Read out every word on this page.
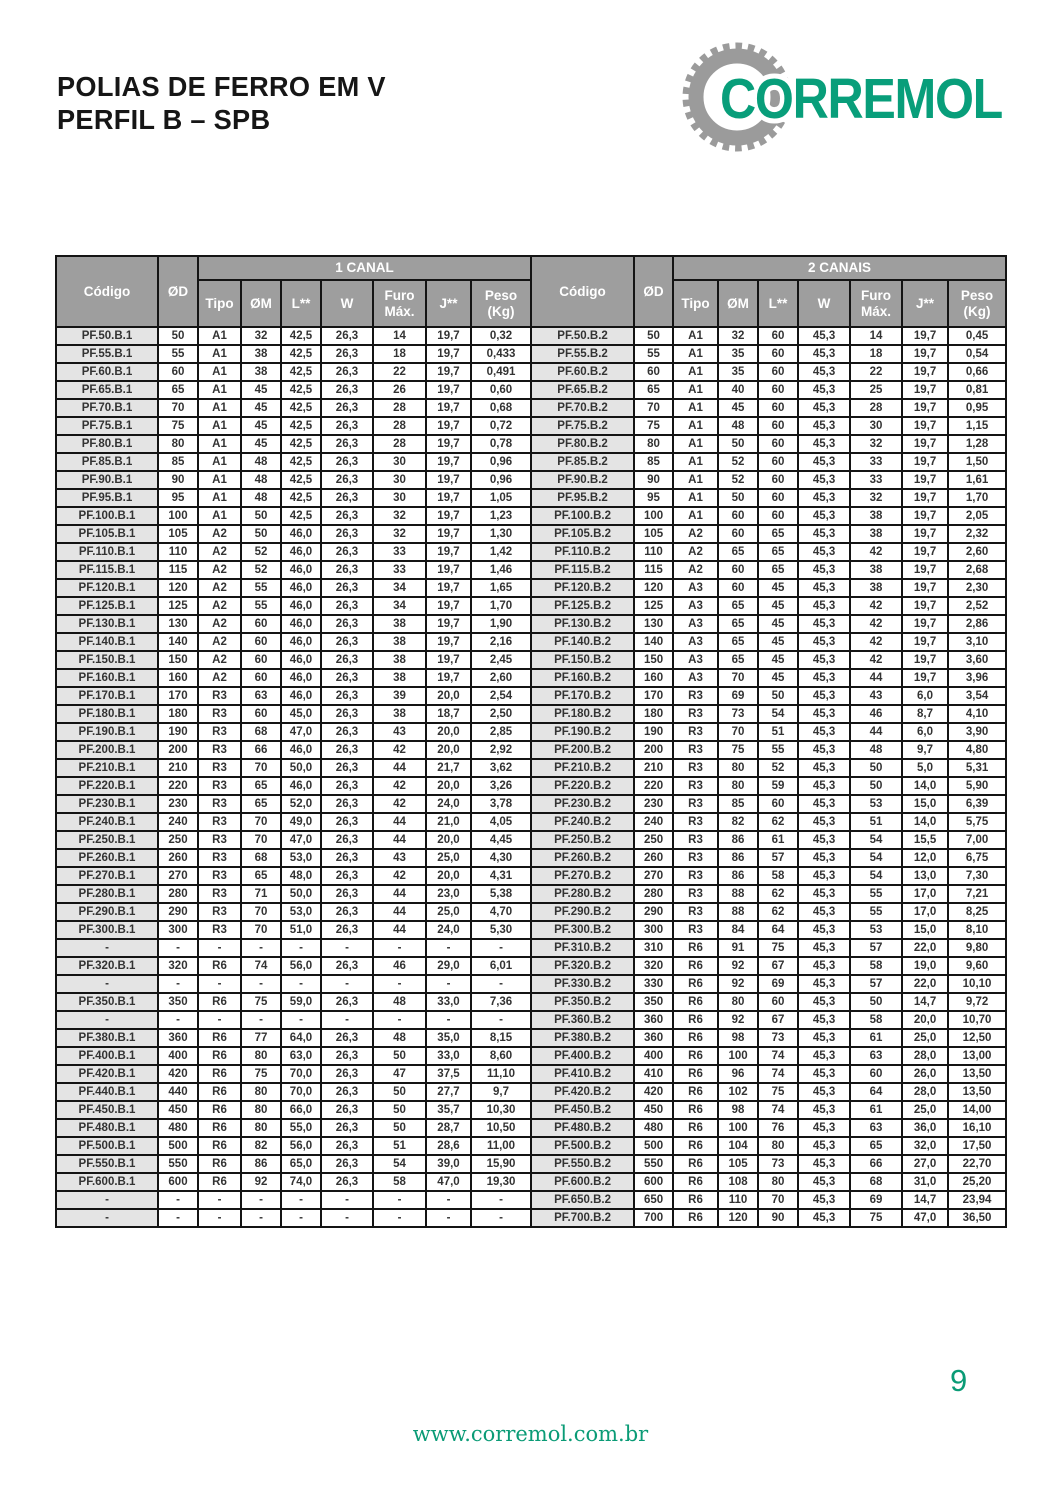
POLIAS DE FERRO EM V
PERFIL B – SPB	CORREMOL
Código	ØD	1 CANAL							Código	ØD	2 CANAIS						
		Tipo	ØM	L**	W	Furo Máx.	J**	Peso (Kg)			Tipo	ØM	L**	W	Furo Máx.	J**	Peso (Kg)
PF.50.B.1	50	A1	32	42,5	26,3	14	19,7	0,32	PF.50.B.2	50	A1	32	60	45,3	14	19,7	0,45
PF.55.B.1	55	A1	38	42,5	26,3	18	19,7	0,433	PF.55.B.2	55	A1	35	60	45,3	18	19,7	0,54
PF.60.B.1	60	A1	38	42,5	26,3	22	19,7	0,491	PF.60.B.2	60	A1	35	60	45,3	22	19,7	0,66
PF.65.B.1	65	A1	45	42,5	26,3	26	19,7	0,60	PF.65.B.2	65	A1	40	60	45,3	25	19,7	0,81
PF.70.B.1	70	A1	45	42,5	26,3	28	19,7	0,68	PF.70.B.2	70	A1	45	60	45,3	28	19,7	0,95
PF.75.B.1	75	A1	45	42,5	26,3	28	19,7	0,72	PF.75.B.2	75	A1	48	60	45,3	30	19,7	1,15
PF.80.B.1	80	A1	45	42,5	26,3	28	19,7	0,78	PF.80.B.2	80	A1	50	60	45,3	32	19,7	1,28
PF.85.B.1	85	A1	48	42,5	26,3	30	19,7	0,96	PF.85.B.2	85	A1	52	60	45,3	33	19,7	1,50
PF.90.B.1	90	A1	48	42,5	26,3	30	19,7	0,96	PF.90.B.2	90	A1	52	60	45,3	33	19,7	1,61
PF.95.B.1	95	A1	48	42,5	26,3	30	19,7	1,05	PF.95.B.2	95	A1	50	60	45,3	32	19,7	1,70
PF.100.B.1	100	A1	50	42,5	26,3	32	19,7	1,23	PF.100.B.2	100	A1	60	60	45,3	38	19,7	2,05
PF.105.B.1	105	A2	50	46,0	26,3	32	19,7	1,30	PF.105.B.2	105	A2	60	65	45,3	38	19,7	2,32
PF.110.B.1	110	A2	52	46,0	26,3	33	19,7	1,42	PF.110.B.2	110	A2	65	65	45,3	42	19,7	2,60
PF.115.B.1	115	A2	52	46,0	26,3	33	19,7	1,46	PF.115.B.2	115	A2	60	65	45,3	38	19,7	2,68
PF.120.B.1	120	A2	55	46,0	26,3	34	19,7	1,65	PF.120.B.2	120	A3	60	45	45,3	38	19,7	2,30
PF.125.B.1	125	A2	55	46,0	26,3	34	19,7	1,70	PF.125.B.2	125	A3	65	45	45,3	42	19,7	2,52
PF.130.B.1	130	A2	60	46,0	26,3	38	19,7	1,90	PF.130.B.2	130	A3	65	45	45,3	42	19,7	2,86
PF.140.B.1	140	A2	60	46,0	26,3	38	19,7	2,16	PF.140.B.2	140	A3	65	45	45,3	42	19,7	3,10
PF.150.B.1	150	A2	60	46,0	26,3	38	19,7	2,45	PF.150.B.2	150	A3	65	45	45,3	42	19,7	3,60
PF.160.B.1	160	A2	60	46,0	26,3	38	19,7	2,60	PF.160.B.2	160	A3	70	45	45,3	44	19,7	3,96
PF.170.B.1	170	R3	63	46,0	26,3	39	20,0	2,54	PF.170.B.2	170	R3	69	50	45,3	43	6,0	3,54
PF.180.B.1	180	R3	60	45,0	26,3	38	18,7	2,50	PF.180.B.2	180	R3	73	54	45,3	46	8,7	4,10
PF.190.B.1	190	R3	68	47,0	26,3	43	20,0	2,85	PF.190.B.2	190	R3	70	51	45,3	44	6,0	3,90
PF.200.B.1	200	R3	66	46,0	26,3	42	20,0	2,92	PF.200.B.2	200	R3	75	55	45,3	48	9,7	4,80
PF.210.B.1	210	R3	70	50,0	26,3	44	21,7	3,62	PF.210.B.2	210	R3	80	52	45,3	50	5,0	5,31
PF.220.B.1	220	R3	65	46,0	26,3	42	20,0	3,26	PF.220.B.2	220	R3	80	59	45,3	50	14,0	5,90
PF.230.B.1	230	R3	65	52,0	26,3	42	24,0	3,78	PF.230.B.2	230	R3	85	60	45,3	53	15,0	6,39
PF.240.B.1	240	R3	70	49,0	26,3	44	21,0	4,05	PF.240.B.2	240	R3	82	62	45,3	51	14,0	5,75
PF.250.B.1	250	R3	70	47,0	26,3	44	20,0	4,45	PF.250.B.2	250	R3	86	61	45,3	54	15,5	7,00
PF.260.B.1	260	R3	68	53,0	26,3	43	25,0	4,30	PF.260.B.2	260	R3	86	57	45,3	54	12,0	6,75
PF.270.B.1	270	R3	65	48,0	26,3	42	20,0	4,31	PF.270.B.2	270	R3	86	58	45,3	54	13,0	7,30
PF.280.B.1	280	R3	71	50,0	26,3	44	23,0	5,38	PF.280.B.2	280	R3	88	62	45,3	55	17,0	7,21
PF.290.B.1	290	R3	70	53,0	26,3	44	25,0	4,70	PF.290.B.2	290	R3	88	62	45,3	55	17,0	8,25
PF.300.B.1	300	R3	70	51,0	26,3	44	24,0	5,30	PF.300.B.2	300	R3	84	64	45,3	53	15,0	8,10
-	-	-	-	-	-	-	-	-	PF.310.B.2	310	R6	91	75	45,3	57	22,0	9,80
PF.320.B.1	320	R6	74	56,0	26,3	46	29,0	6,01	PF.320.B.2	320	R6	92	67	45,3	58	19,0	9,60
-	-	-	-	-	-	-	-	-	PF.330.B.2	330	R6	92	69	45,3	57	22,0	10,10
PF.350.B.1	350	R6	75	59,0	26,3	48	33,0	7,36	PF.350.B.2	350	R6	80	60	45,3	50	14,7	9,72
-	-	-	-	-	-	-	-	-	PF.360.B.2	360	R6	92	67	45,3	58	20,0	10,70
PF.380.B.1	360	R6	77	64,0	26,3	48	35,0	8,15	PF.380.B.2	360	R6	98	73	45,3	61	25,0	12,50
PF.400.B.1	400	R6	80	63,0	26,3	50	33,0	8,60	PF.400.B.2	400	R6	100	74	45,3	63	28,0	13,00
PF.420.B.1	420	R6	75	70,0	26,3	47	37,5	11,10	PF.410.B.2	410	R6	96	74	45,3	60	26,0	13,50
PF.440.B.1	440	R6	80	70,0	26,3	50	27,7	9,7	PF.420.B.2	420	R6	102	75	45,3	64	28,0	13,50
PF.450.B.1	450	R6	80	66,0	26,3	50	35,7	10,30	PF.450.B.2	450	R6	98	74	45,3	61	25,0	14,00
PF.480.B.1	480	R6	80	55,0	26,3	50	28,7	10,50	PF.480.B.2	480	R6	100	76	45,3	63	36,0	16,10
PF.500.B.1	500	R6	82	56,0	26,3	51	28,6	11,00	PF.500.B.2	500	R6	104	80	45,3	65	32,0	17,50
PF.550.B.1	550	R6	86	65,0	26,3	54	39,0	15,90	PF.550.B.2	550	R6	105	73	45,3	66	27,0	22,70
PF.600.B.1	600	R6	92	74,0	26,3	58	47,0	19,30	PF.600.B.2	600	R6	108	80	45,3	68	31,0	25,20
-	-	-	-	-	-	-	-	-	PF.650.B.2	650	R6	110	70	45,3	69	14,7	23,94
-	-	-	-	-	-	-	-	-	PF.700.B.2	700	R6	120	90	45,3	75	47,0	36,50
www.corremol.com.br
9
